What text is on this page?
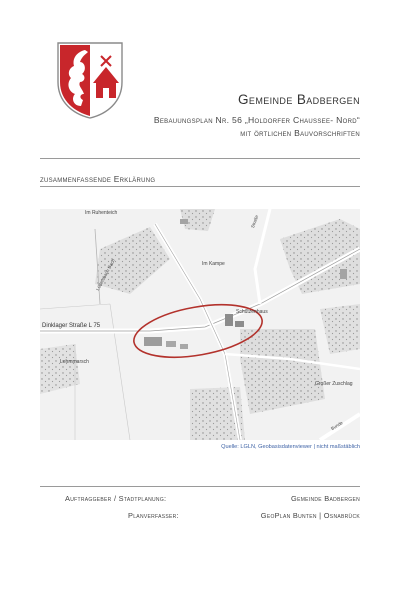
Gemeinde Badbergen
Bebauungsplan Nr. 56 „Holdorfer Chaussee- Nord“
mit örtlichen Bauvorschriften
zusammenfassende Erklärung
Im Ruhenteich
Im Kampe
Dinklager Straße L 75
Schützenhaus
Lehmmarsch
Großer Zuschlag
Lüttersbach Bach
Straße
Bunde
Quelle: LGLN, Geobasisdatenviewer | nicht maßstäblich
Auftraggeber / Stadtplanung:	Gemeinde Badbergen
Planverfasser:	GeoPlan Bunten | Osnabrück
